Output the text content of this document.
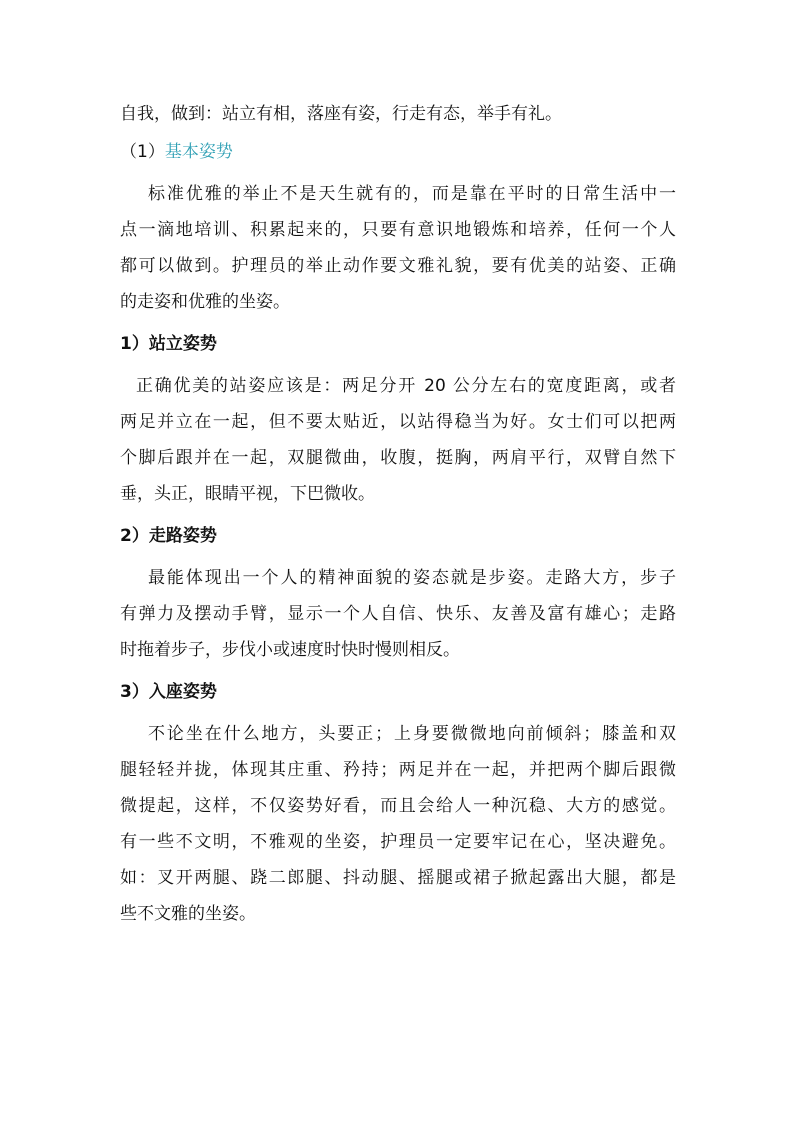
自我，做到：站立有相，落座有姿，行走有态，举手有礼。
（1）基本姿势
标准优雅的举止不是天生就有的，而是靠在平时的日常生活中一
点一滴地培训、积累起来的，只要有意识地锻炼和培养，任何一个人
都可以做到。护理员的举止动作要文雅礼貌，要有优美的站姿、正确
的走姿和优雅的坐姿。
1）站立姿势
正确优美的站姿应该是：两足分开 20 公分左右的宽度距离，或者
两足并立在一起，但不要太贴近，以站得稳当为好。女士们可以把两
个脚后跟并在一起，双腿微曲，收腹，挺胸，两肩平行，双臂自然下
垂，头正，眼睛平视，下巴微收。
2）走路姿势
最能体现出一个人的精神面貌的姿态就是步姿。走路大方，步子
有弹力及摆动手臂，显示一个人自信、快乐、友善及富有雄心；走路
时拖着步子，步伐小或速度时快时慢则相反。
3）入座姿势
不论坐在什么地方，头要正；上身要微微地向前倾斜；膝盖和双
腿轻轻并拢，体现其庄重、矜持；两足并在一起，并把两个脚后跟微
微提起，这样，不仅姿势好看，而且会给人一种沉稳、大方的感觉。
有一些不文明，不雅观的坐姿，护理员一定要牢记在心，坚决避免。
如：叉开两腿、跷二郎腿、抖动腿、摇腿或裙子掀起露出大腿，都是
些不文雅的坐姿。
